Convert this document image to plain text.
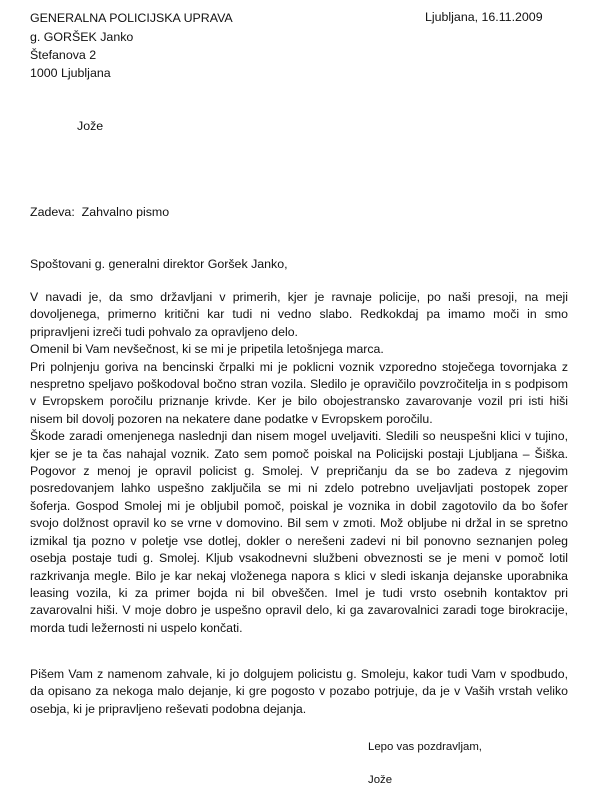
GENERALNA POLICIJSKA UPRAVA
g. GORŠEK Janko
Štefanova 2
1000 Ljubljana
Ljubljana, 16.11.2009
Jože
Zadeva: Zahvalno pismo
Spoštovani g. generalni direktor Goršek Janko,

V navadi je, da smo državljani v primerih, kjer je ravnaje policije, po naši presoji, na meji dovoljenega, primerno kritični kar tudi ni vedno slabo. Redkokdaj pa imamo moči in smo pripravljeni izreči tudi pohvalo za opravljeno delo.

Omenil bi Vam nevšečnost, ki se mi je pripetila letošnjega marca.

Pri polnjenju goriva na bencinski črpalki mi je poklicni voznik vzporedno stoječega tovornjaka z nespretno speljavo poškodoval bočno stran vozila. Sledilo je opravičilo povzročitelja in s podpisom v Evropskem poročilu priznanje krivde. Ker je bilo obojestransko zavarovanje vozil pri isti hiši nisem bil dovolj pozoren na nekatere dane podatke v Evropskem poročilu.

Škode zaradi omenjenega naslednji dan nisem mogel uveljaviti. Sledili so neuspešni klici v tujino, kjer se je ta čas nahajal voznik. Zato sem pomoč poiskal na Policijski postaji Ljubljana – Šiška. Pogovor z menoj je opravil policist g. Smolej. V prepričanju da se bo zadeva z njegovim posredovanjem lahko uspešno zaključila se mi ni zdelo potrebno uveljavljati postopek zoper šoferja. Gospod Smolej mi je obljubil pomoč, poiskal je voznika in dobil zagotovilo da bo šofer svojo dolžnost opravil ko se vrne v domovino. Bil sem v zmoti. Mož obljube ni držal in se spretno izmikal tja pozno v poletje vse dotlej, dokler o nerešeni zadevi ni bil ponovno seznanjen poleg osebja postaje tudi g. Smolej. Kljub vsakodnevni službeni obveznosti se je meni v pomoč lotil razkrivanja megle. Bilo je kar nekaj vloženega napora s klici v sledi iskanja dejanske uporabnika leasing vozila, ki za primer bojda ni bil obveščen. Imel je tudi vrsto osebnih kontaktov pri zavarovalni hiši. V moje dobro je uspešno opravil delo, ki ga zavarovalnici zaradi toge birokracije, morda tudi ležernosti ni uspelo končati.

Pišem Vam z namenom zahvale, ki jo dolgujem policistu g. Smoleju, kakor tudi Vam v spodbudo, da opisano za nekoga malo dejanje, ki gre pogosto v pozabo potrjuje, da je v Vaših vrstah veliko osebja, ki je pripravljeno reševati podobna dejanja.
Lepo vas pozdravljam,
Jože
